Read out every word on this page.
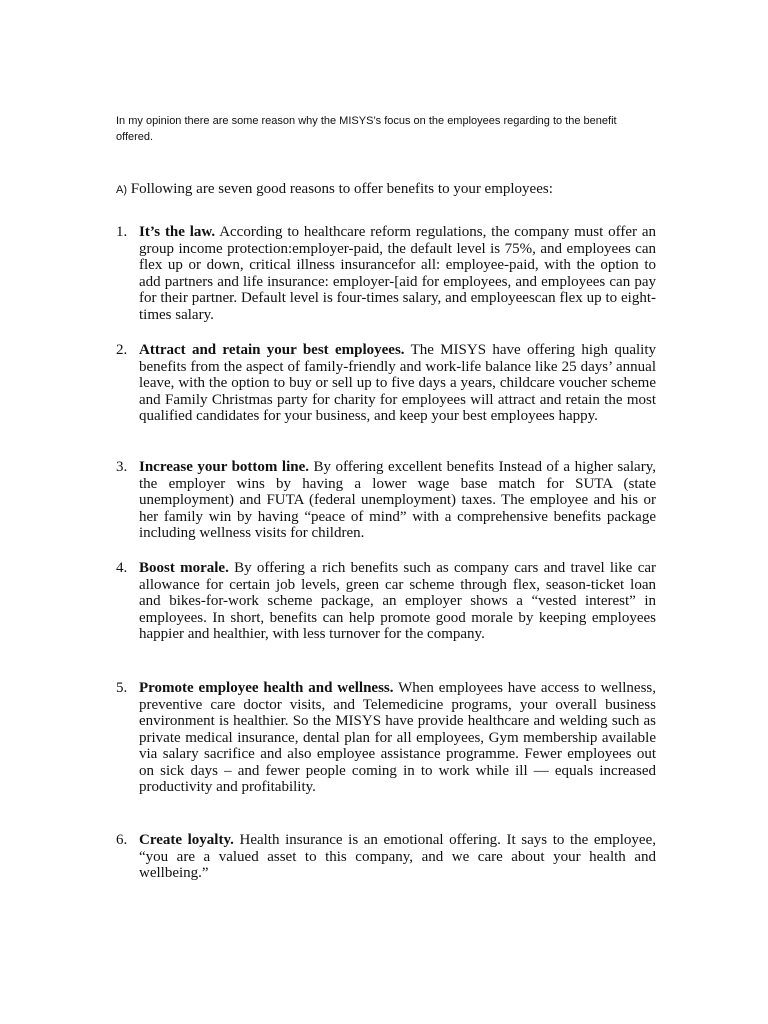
In my opinion there are some reason why the MISYS’s focus on the employees regarding to the benefit offered.

A) Following are seven good reasons to offer benefits to your employees:

1. It’s the law. According to healthcare reform regulations, the company must offer an group income protection:employer-paid, the default level is 75%, and employees can flex up or down, critical illness insurancefor all: employee-paid, with the option to add partners and life insurance: employer-[aid for employees, and employees can pay for their partner. Default level is four-times salary, and employeescan flex up to eight-times salary.
2. Attract and retain your best employees. The MISYS have offering high quality benefits from the aspect of family-friendly and work-life balance like 25 days’ annual leave, with the option to buy or sell up to five days a years, childcare voucher scheme and Family Christmas party for charity for employees will attract and retain the most qualified candidates for your business, and keep your best employees happy.
3. Increase your bottom line. By offering excellent benefits Instead of a higher salary, the employer wins by having a lower wage base match for SUTA (state unemployment) and FUTA (federal unemployment) taxes. The employee and his or her family win by having “peace of mind” with a comprehensive benefits package including wellness visits for children.
4. Boost morale. By offering a rich benefits such as company cars and travel like car allowance for certain job levels, green car scheme through flex, season-ticket loan and bikes-for-work scheme package, an employer shows a “vested interest” in employees. In short, benefits can help promote good morale by keeping employees happier and healthier, with less turnover for the company.
5. Promote employee health and wellness. When employees have access to wellness, preventive care doctor visits, and Telemedicine programs, your overall business environment is healthier. So the MISYS have provide healthcare and welding such as private medical insurance, dental plan for all employees, Gym membership available via salary sacrifice and also employee assistance programme. Fewer employees out on sick days – and fewer people coming in to work while ill — equals increased productivity and profitability.
6. Create loyalty. Health insurance is an emotional offering. It says to the employee, “you are a valued asset to this company, and we care about your health and wellbeing.”
